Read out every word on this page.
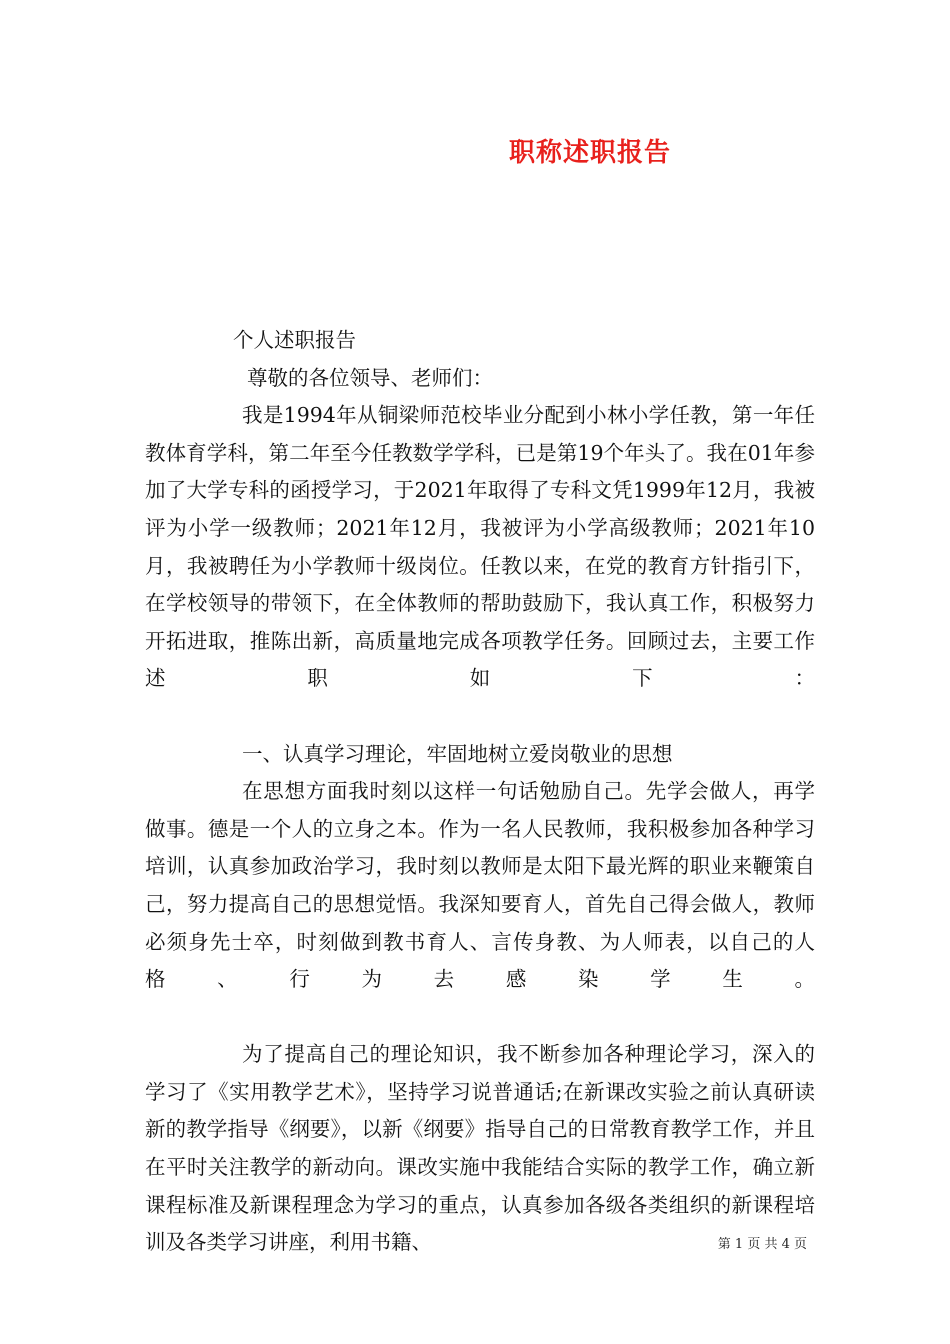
职称述职报告

个人述职报告

尊敬的各位领导、老师们：

我是1994年从铜梁师范校毕业分配到小林小学任教，第一年任教体育学科，第二年至今任教数学学科，已是第19个年头了。我在01年参加了大学专科的函授学习，于2021年取得了专科文凭1999年12月，我被评为小学一级教师；2021年12月，我被评为小学高级教师；2021年10月，我被聘任为小学教师十级岗位。任教以来，在党的教育方针指引下，在学校领导的带领下，在全体教师的帮助鼓励下，我认真工作，积极努力开拓进取，推陈出新，高质量地完成各项教学任务。回顾过去，主要工作述职如下：

一、认真学习理论，牢固地树立爱岗敬业的思想

在思想方面我时刻以这样一句话勉励自己。先学会做人，再学做事。德是一个人的立身之本。作为一名人民教师，我积极参加各种学习培训，认真参加政治学习，我时刻以教师是太阳下最光辉的职业来鞭策自己，努力提高自己的思想觉悟。我深知要育人，首先自己得会做人，教师必须身先士卒，时刻做到教书育人、言传身教、为人师表，以自己的人格、行为去感染学生。

为了提高自己的理论知识，我不断参加各种理论学习，深入的学习了《实用教学艺术》，坚持学习说普通话;在新课改实验之前认真研读新的教学指导《纲要》，以新《纲要》指导自己的日常教育教学工作，并且在平时关注教学的新动向。课改实施中我能结合实际的教学工作，确立新课程标准及新课程理念为学习的重点，认真参加各级各类组织的新课程培训及各类学习讲座，利用书籍、	第 1 页 共 4 页
